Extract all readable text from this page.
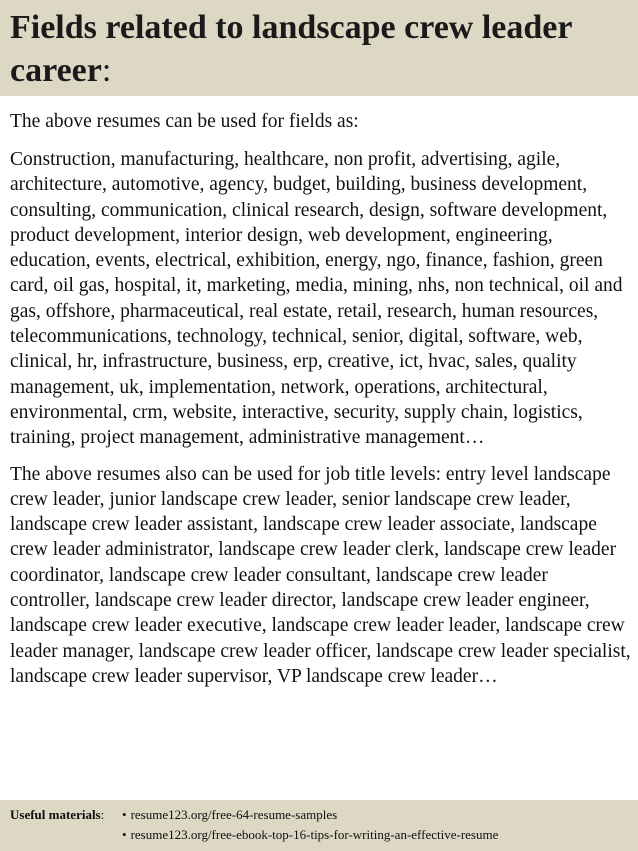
Fields related to landscape crew leader career:

The above resumes can be used for fields as:

Construction, manufacturing, healthcare, non profit, advertising, agile, architecture, automotive, agency, budget, building, business development, consulting, communication, clinical research, design, software development, product development, interior design, web development, engineering, education, events, electrical, exhibition, energy, ngo, finance, fashion, green card, oil gas, hospital, it, marketing, media, mining, nhs, non technical, oil and gas, offshore, pharmaceutical, real estate, retail, research, human resources, telecommunications, technology, technical, senior, digital, software, web, clinical, hr, infrastructure, business, erp, creative, ict, hvac, sales, quality management, uk, implementation, network, operations, architectural, environmental, crm, website, interactive, security, supply chain, logistics, training, project management, administrative management…

The above resumes also can be used for job title levels: entry level landscape crew leader, junior landscape crew leader, senior landscape crew leader, landscape crew leader assistant, landscape crew leader associate, landscape crew leader administrator, landscape crew leader clerk, landscape crew leader coordinator, landscape crew leader consultant, landscape crew leader controller, landscape crew leader director, landscape crew leader engineer, landscape crew leader executive, landscape crew leader leader, landscape crew leader manager, landscape crew leader officer, landscape crew leader specialist, landscape crew leader supervisor, VP landscape crew leader…

Useful materials:	• resume123.org/free-64-resume-samples
• resume123.org/free-ebook-top-16-tips-for-writing-an-effective-resume
